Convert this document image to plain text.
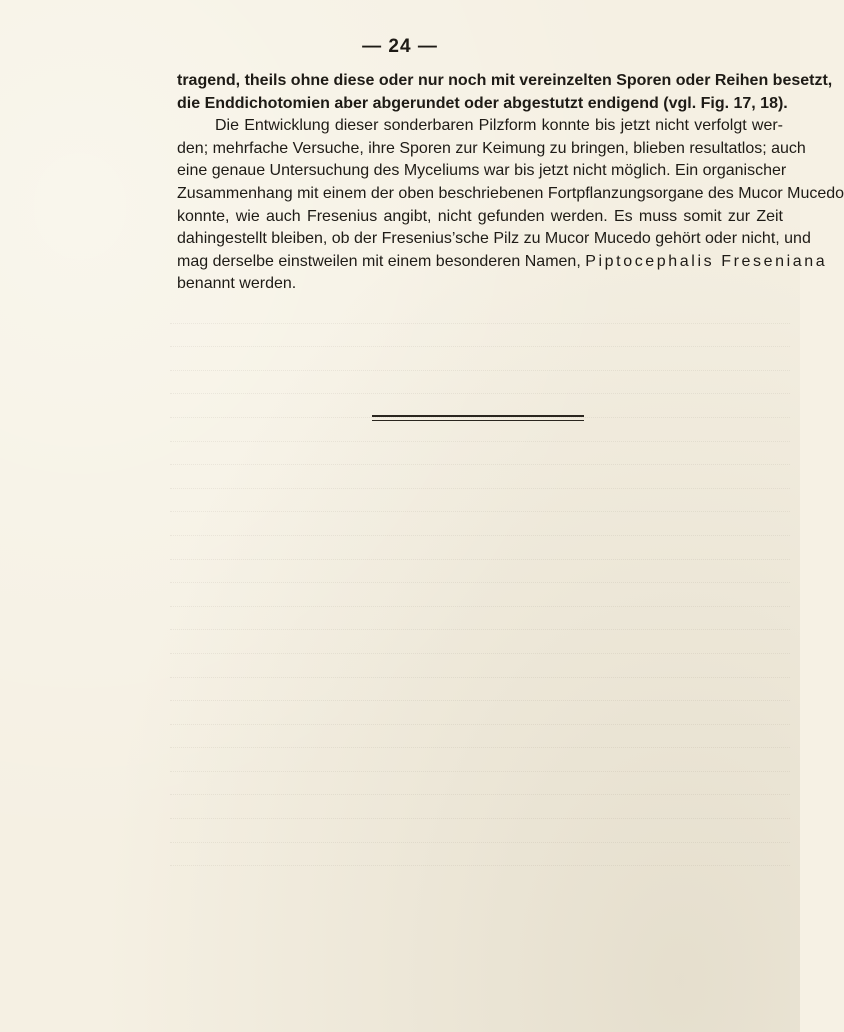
— 24 —
tragend, theils ohne diese oder nur noch mit vereinzelten Sporen oder Reihen besetzt,
die Enddichotomien aber abgerundet oder abgestutzt endigend (vgl. Fig. 17, 18).
Die Entwicklung dieser sonderbaren Pilzform konnte bis jetzt nicht verfolgt wer-
den; mehrfache Versuche, ihre Sporen zur Keimung zu bringen, blieben resultatlos; auch
eine genaue Untersuchung des Myceliums war bis jetzt nicht möglich. Ein organischer
Zusammenhang mit einem der oben beschriebenen Fortpflanzungsorgane des Mucor Mucedo
konnte, wie auch Fresenius angibt, nicht gefunden werden. Es muss somit zur Zeit
dahingestellt bleiben, ob der Fresenius’sche Pilz zu Mucor Mucedo gehört oder nicht, und
mag derselbe einstweilen mit einem besonderen Namen, Piptocephalis Freseniana
benannt werden.
